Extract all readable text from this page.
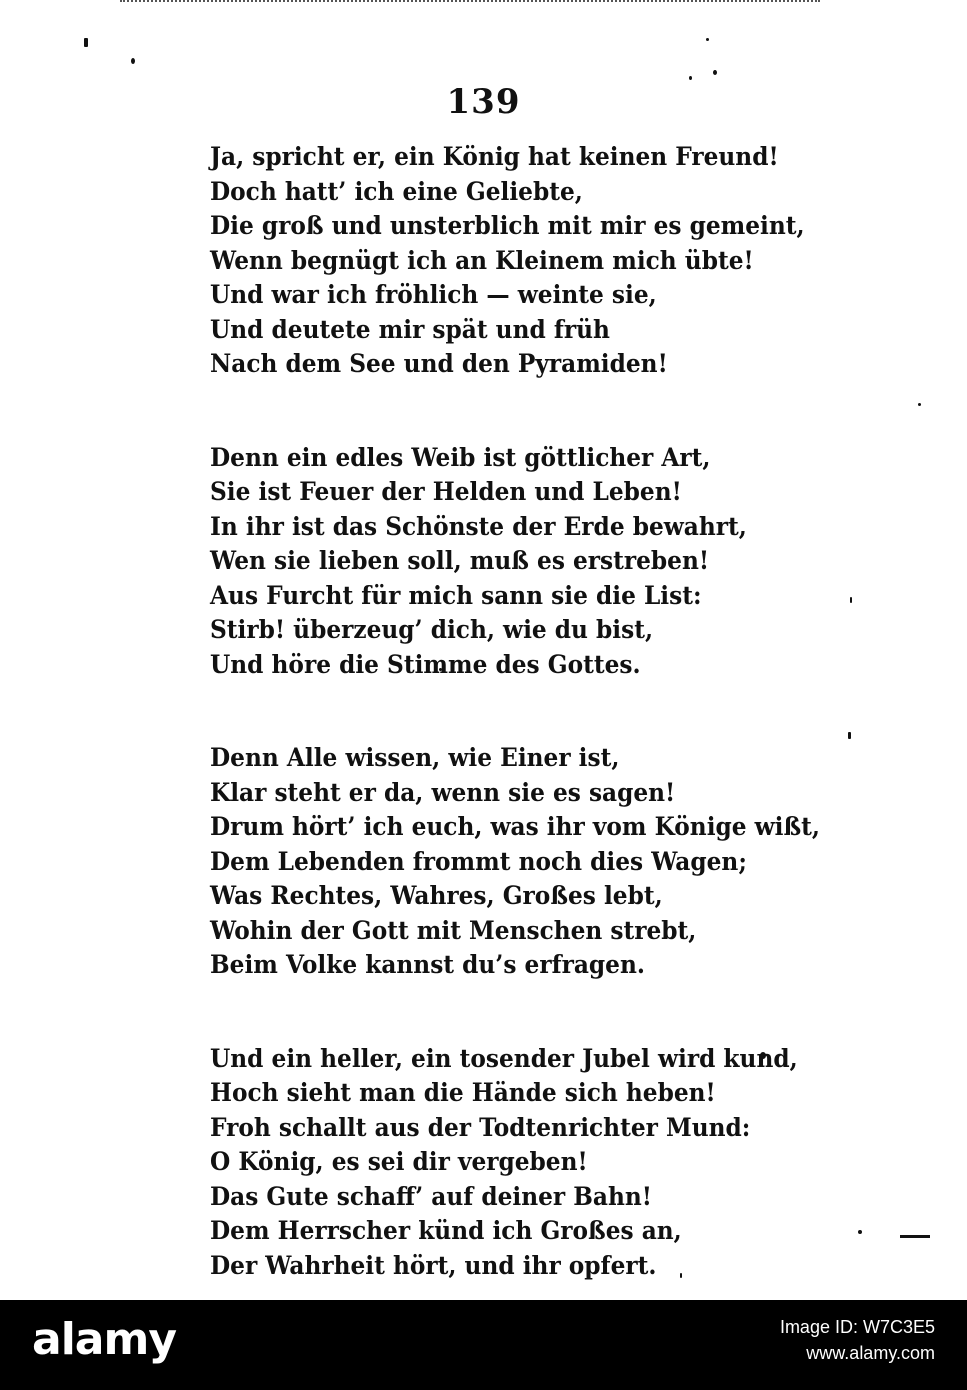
139
Ja, spricht er, ein König hat keinen Freund!
Doch hatt’ ich eine Geliebte,
Die groß und unsterblich mit mir es gemeint,
Wenn begnügt ich an Kleinem mich übte!
Und war ich fröhlich — weinte sie,
Und deutete mir spät und früh
Nach dem See und den Pyramiden!
Denn ein edles Weib ist göttlicher Art,
Sie ist Feuer der Helden und Leben!
In ihr ist das Schönste der Erde bewahrt,
Wen sie lieben soll, muß es erstreben!
Aus Furcht für mich sann sie die List:
Stirb! überzeug’ dich, wie du bist,
Und höre die Stimme des Gottes.
Denn Alle wissen, wie Einer ist,
Klar steht er da, wenn sie es sagen!
Drum hört’ ich euch, was ihr vom Könige wißt,
Dem Lebenden frommt noch dies Wagen;
Was Rechtes, Wahres, Großes lebt,
Wohin der Gott mit Menschen strebt,
Beim Volke kannst du’s erfragen.
Und ein heller, ein tosender Jubel wird kund,
Hoch sieht man die Hände sich heben!
Froh schallt aus der Todtenrichter Mund:
O König, es sei dir vergeben!
Das Gute schaff’ auf deiner Bahn!
Dem Herrscher künd ich Großes an,
Der Wahrheit hört, und ihr opfert.
alamy	Image ID: W7C3E5
www.alamy.com
